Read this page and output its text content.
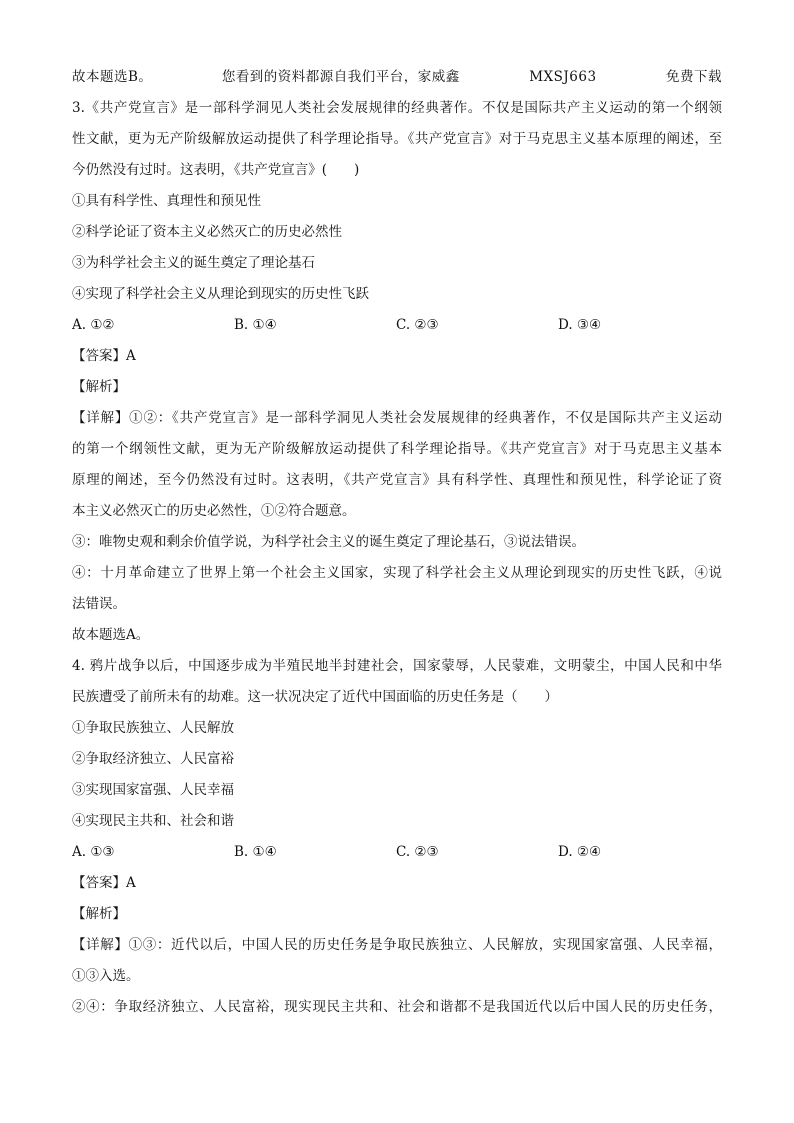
故本题选B。	您看到的资料都源自我们平台，家威鑫	MXSJ663	免费下载
3.《共产党宣言》是一部科学洞见人类社会发展规律的经典著作。不仅是国际共产主义运动的第一个纲领
性文献，更为无产阶级解放运动提供了科学理论指导。《共产党宣言》对于马克思主义基本原理的阐述，至
今仍然没有过时。这表明，《共产党宣言》(　　)
①具有科学性、真理性和预见性
②科学论证了资本主义必然灭亡的历史必然性
③为科学社会主义的诞生奠定了理论基石
④实现了科学社会主义从理论到现实的历史性飞跃
A. ①②	B. ①④	C. ②③	D. ③④
【答案】A
【解析】
【详解】①②：《共产党宣言》是一部科学洞见人类社会发展规律的经典著作，不仅是国际共产主义运动
的第一个纲领性文献，更为无产阶级解放运动提供了科学理论指导。《共产党宣言》对于马克思主义基本
原理的阐述，至今仍然没有过时。这表明，《共产党宣言》具有科学性、真理性和预见性，科学论证了资
本主义必然灭亡的历史必然性，①②符合题意。
③：唯物史观和剩余价值学说，为科学社会主义的诞生奠定了理论基石，③说法错误。
④：十月革命建立了世界上第一个社会主义国家，实现了科学社会主义从理论到现实的历史性飞跃，④说
法错误。
故本题选A。
4. 鸦片战争以后，中国逐步成为半殖民地半封建社会，国家蒙辱，人民蒙难，文明蒙尘，中国人民和中华
民族遭受了前所未有的劫难。这一状况决定了近代中国面临的历史任务是（　　）
①争取民族独立、人民解放
②争取经济独立、人民富裕
③实现国家富强、人民幸福
④实现民主共和、社会和谐
A. ①③	B. ①④	C. ②③	D. ②④
【答案】A
【解析】
【详解】①③：近代以后，中国人民的历史任务是争取民族独立、人民解放，实现国家富强、人民幸福，
①③入选。
②④：争取经济独立、人民富裕，现实现民主共和、社会和谐都不是我国近代以后中国人民的历史任务，
